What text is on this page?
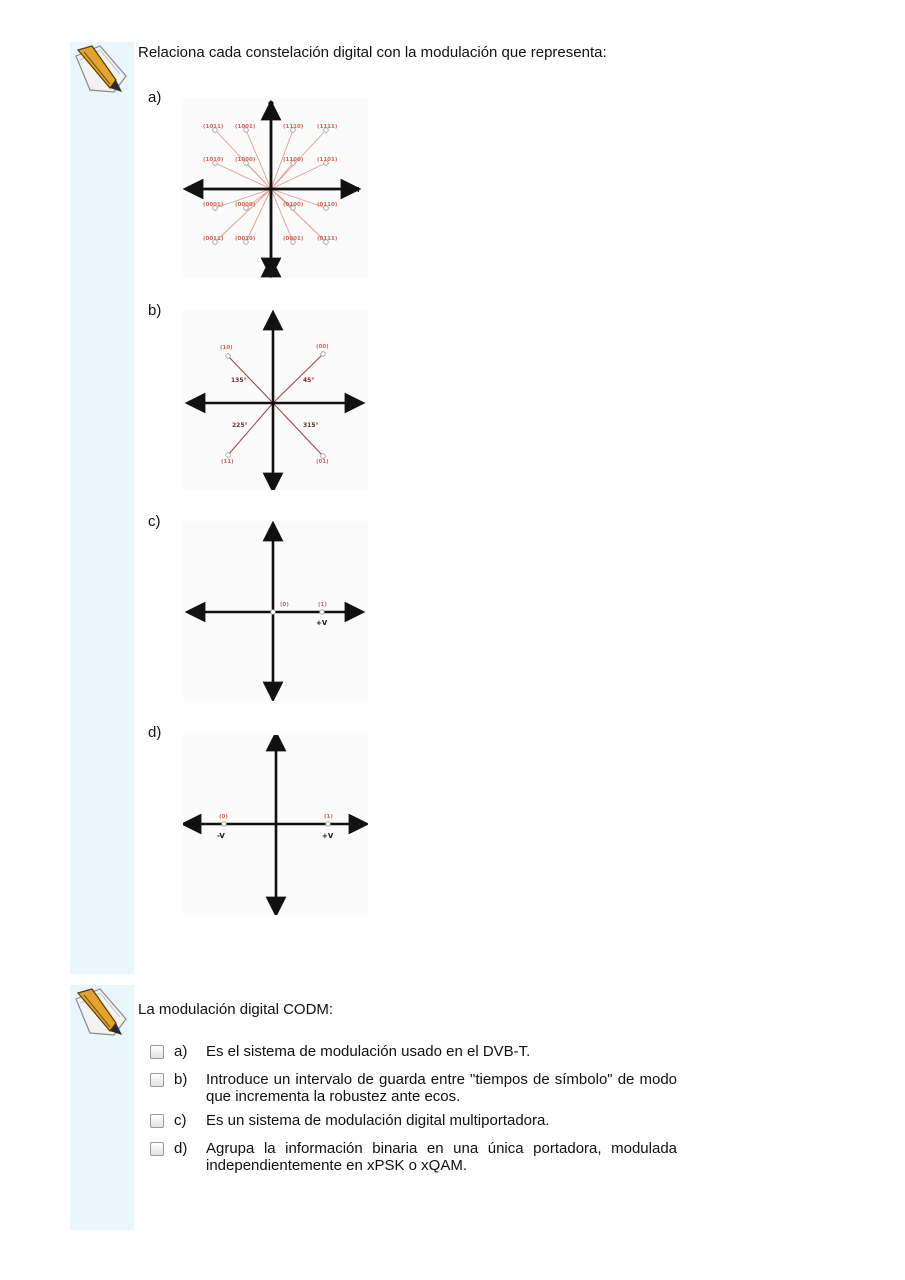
Relaciona cada constelación digital con la modulación que representa:
a)	Q
I
(1011) (1001)	(1110) (1111)
(1010) (1000)	(1100) (1101)
(0001) (0000)	(0100) (0110)
(0011) (0010)	(0001) (0111)
b)	Q
I
(10)	(00)
(11)	(01)
135°	45°
225°	315°
c)	Q
I
(0)	(1)
+V
d)
(0)	(1)
-V	+V
La modulación digital CODM:
a)	Es el sistema de modulación usado en el DVB-T.
b)	Introduce un intervalo de guarda entre "tiempos de símbolo" de modo que incrementa la robustez ante ecos.
c)	Es un sistema de modulación digital multiportadora.
d)	Agrupa la información binaria en una única portadora, modulada independientemente en xPSK o xQAM.
